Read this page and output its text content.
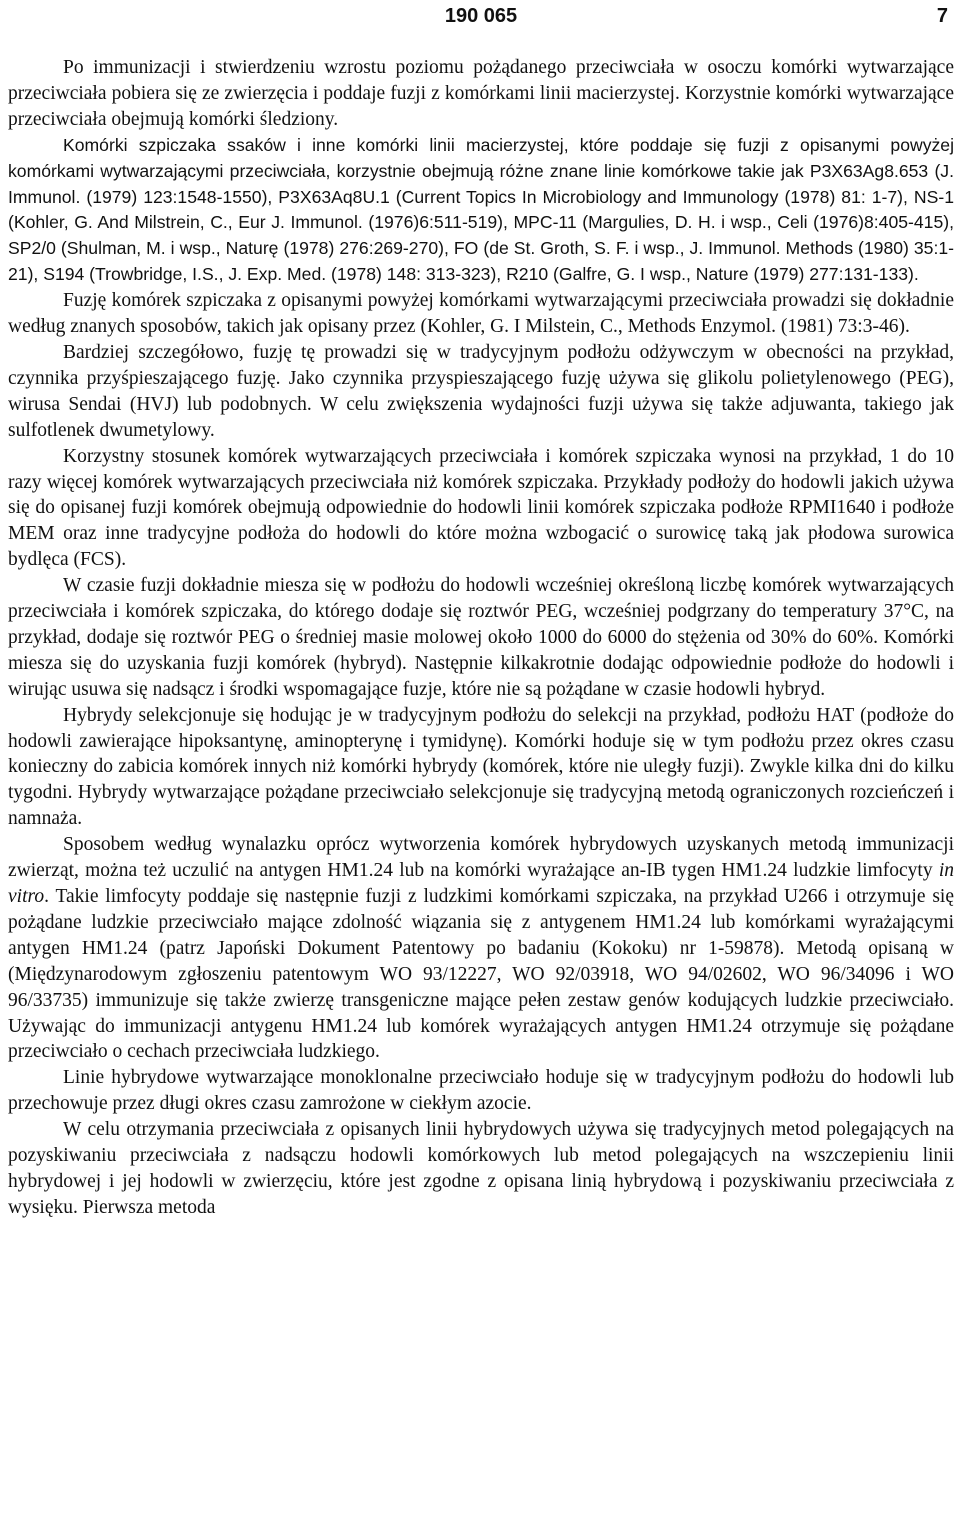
190 065	7

Po immunizacji i stwierdzeniu wzrostu poziomu pożądanego przeciwciała w osoczu komórki wytwarzające przeciwciała pobiera się ze zwierzęcia i poddaje fuzji z komórkami linii macierzystej. Korzystnie komórki wytwarzające przeciwciała obejmują komórki śledziony.

Komórki szpiczaka ssaków i inne komórki linii macierzystej, które poddaje się fuzji z opisanymi powyżej komórkami wytwarzającymi przeciwciała, korzystnie obejmują różne znane linie komórkowe takie jak P3X63Ag8.653 (J. Immunol. (1979) 123:1548-1550), P3X63Aq8U.1 (Current Topics In Microbiology and Immunology (1978) 81: 1-7), NS-1 (Kohler, G. And Milstrein, C., Eur J. Immunol. (1976)6:511-519), MPC-11 (Margulies, D. H. i wsp., Celi (1976)8:405-415), SP2/0 (Shulman, M. i wsp., Naturę (1978) 276:269-270), FO (de St. Groth, S. F. i wsp., J. Immunol. Methods (1980) 35:1-21), S194 (Trowbridge, I.S., J. Exp. Med. (1978) 148: 313-323), R210 (Galfre, G. I wsp., Nature (1979) 277:131-133).

Fuzję komórek szpiczaka z opisanymi powyżej komórkami wytwarzającymi przeciwciała prowadzi się dokładnie według znanych sposobów, takich jak opisany przez (Kohler, G. I Milstein, C., Methods Enzymol. (1981) 73:3-46).

Bardziej szczegółowo, fuzję tę prowadzi się w tradycyjnym podłożu odżywczym w obecności na przykład, czynnika przyśpieszającego fuzję. Jako czynnika przyspieszającego fuzję używa się glikolu polietylenowego (PEG), wirusa Sendai (HVJ) lub podobnych. W celu zwiększenia wydajności fuzji używa się także adjuwanta, takiego jak sulfotlenek dwumetylowy.

Korzystny stosunek komórek wytwarzających przeciwciała i komórek szpiczaka wynosi na przykład, 1 do 10 razy więcej komórek wytwarzających przeciwciała niż komórek szpiczaka. Przykłady podłoży do hodowli jakich używa się do opisanej fuzji komórek obejmują odpowiednie do hodowli linii komórek szpiczaka podłoże RPMI1640 i podłoże MEM oraz inne tradycyjne podłoża do hodowli do które można wzbogacić o surowicę taką jak płodowa surowica bydlęca (FCS).

W czasie fuzji dokładnie miesza się w podłożu do hodowli wcześniej określoną liczbę komórek wytwarzających przeciwciała i komórek szpiczaka, do którego dodaje się roztwór PEG, wcześniej podgrzany do temperatury 37°C, na przykład, dodaje się roztwór PEG o średniej masie molowej około 1000 do 6000 do stężenia od 30% do 60%. Komórki miesza się do uzyskania fuzji komórek (hybryd). Następnie kilkakrotnie dodając odpowiednie podłoże do hodowli i wirując usuwa się nadsącz i środki wspomagające fuzje, które nie są pożądane w czasie hodowli hybryd.

Hybrydy selekcjonuje się hodując je w tradycyjnym podłożu do selekcji na przykład, podłożu HAT (podłoże do hodowli zawierające hipoksantynę, aminopterynę i tymidynę). Komórki hoduje się w tym podłożu przez okres czasu konieczny do zabicia komórek innych niż komórki hybrydy (komórek, które nie uległy fuzji). Zwykle kilka dni do kilku tygodni. Hybrydy wytwarzające pożądane przeciwciało selekcjonuje się tradycyjną metodą ograniczonych rozcieńczeń i namnaża.

Sposobem według wynalazku oprócz wytworzenia komórek hybrydowych uzyskanych metodą immunizacji zwierząt, można też uczulić na antygen HM1.24 lub na komórki wyrażające an-IB tygen HM1.24 ludzkie limfocyty in vitro. Takie limfocyty poddaje się następnie fuzji z ludzkimi komórkami szpiczaka, na przykład U266 i otrzymuje się pożądane ludzkie przeciwciało mające zdolność wiązania się z antygenem HM1.24 lub komórkami wyrażającymi antygen HM1.24 (patrz Japoński Dokument Patentowy po badaniu (Kokoku) nr 1-59878). Metodą opisaną w (Międzynarodowym zgłoszeniu patentowym WO 93/12227, WO 92/03918, WO 94/02602, WO 96/34096 i WO 96/33735) immunizuje się także zwierzę transgeniczne mające pełen zestaw genów kodujących ludzkie przeciwciało. Używając do immunizacji antygenu HM1.24 lub komórek wyrażających antygen HM1.24 otrzymuje się pożądane przeciwciało o cechach przeciwciała ludzkiego.

Linie hybrydowe wytwarzające monoklonalne przeciwciało hoduje się w tradycyjnym podłożu do hodowli lub przechowuje przez długi okres czasu zamrożone w ciekłym azocie.

W celu otrzymania przeciwciała z opisanych linii hybrydowych używa się tradycyjnych metod polegających na pozyskiwaniu przeciwciała z nadsączu hodowli komórkowych lub metod polegających na wszczepieniu linii hybrydowej i jej hodowli w zwierzęciu, które jest zgodne z opisana linią hybrydową i pozyskiwaniu przeciwciała z wysięku. Pierwsza metoda
